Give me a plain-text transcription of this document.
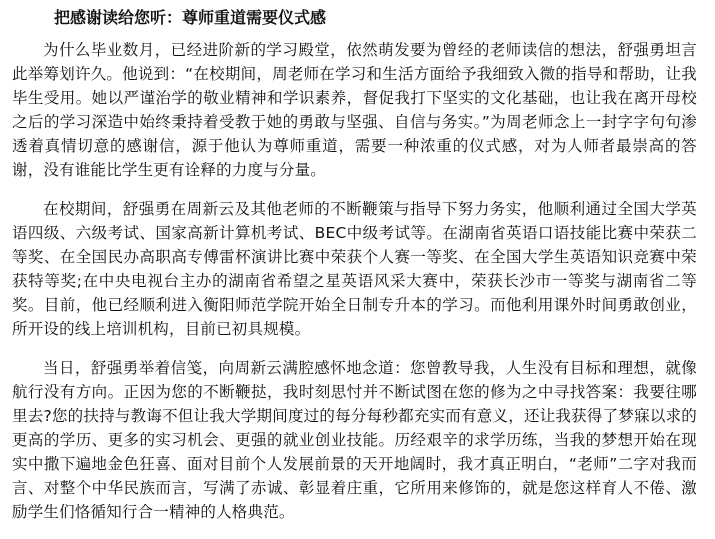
把感谢读给您听：尊师重道需要仪式感

为什么毕业数月，已经进阶新的学习殿堂，依然萌发要为曾经的老师读信的想法，舒强勇坦言此举筹划许久。他说到：“在校期间，周老师在学习和生活方面给予我细致入微的指导和帮助，让我毕生受用。她以严谨治学的敬业精神和学识素养，督促我打下坚实的文化基础，也让我在离开母校之后的学习深造中始终秉持着受教于她的勇敢与坚强、自信与务实。”为周老师念上一封字字句句渗透着真情切意的感谢信，源于他认为尊师重道，需要一种浓重的仪式感，对为人师者最崇高的答谢，没有谁能比学生更有诠释的力度与分量。

在校期间，舒强勇在周新云及其他老师的不断鞭策与指导下努力务实，他顺利通过全国大学英语四级、六级考试、国家高新计算机考试、BEC中级考试等。在湖南省英语口语技能比赛中荣获二等奖、在全国民办高职高专傅雷杯演讲比赛中荣获个人赛一等奖、在全国大学生英语知识竞赛中荣获特等奖;在中央电视台主办的湖南省希望之星英语风采大赛中，荣获长沙市一等奖与湖南省二等奖。目前，他已经顺利进入衡阳师范学院开始全日制专升本的学习。而他利用课外时间勇敢创业，所开设的线上培训机构，目前已初具规模。

当日，舒强勇举着信笺，向周新云满腔感怀地念道：您曾教导我，人生没有目标和理想，就像航行没有方向。正因为您的不断鞭挞，我时刻思忖并不断试图在您的修为之中寻找答案：我要往哪里去?您的扶持与教诲不但让我大学期间度过的每分每秒都充实而有意义，还让我获得了梦寐以求的更高的学历、更多的实习机会、更强的就业创业技能。历经艰辛的求学历练，当我的梦想开始在现实中撒下遍地金色狂喜、面对目前个人发展前景的天开地阔时，我才真正明白，“老师”二字对我而言、对整个中华民族而言，写满了赤诚、彰显着庄重，它所用来修饰的，就是您这样育人不倦、激励学生们恪循知行合一精神的人格典范。
